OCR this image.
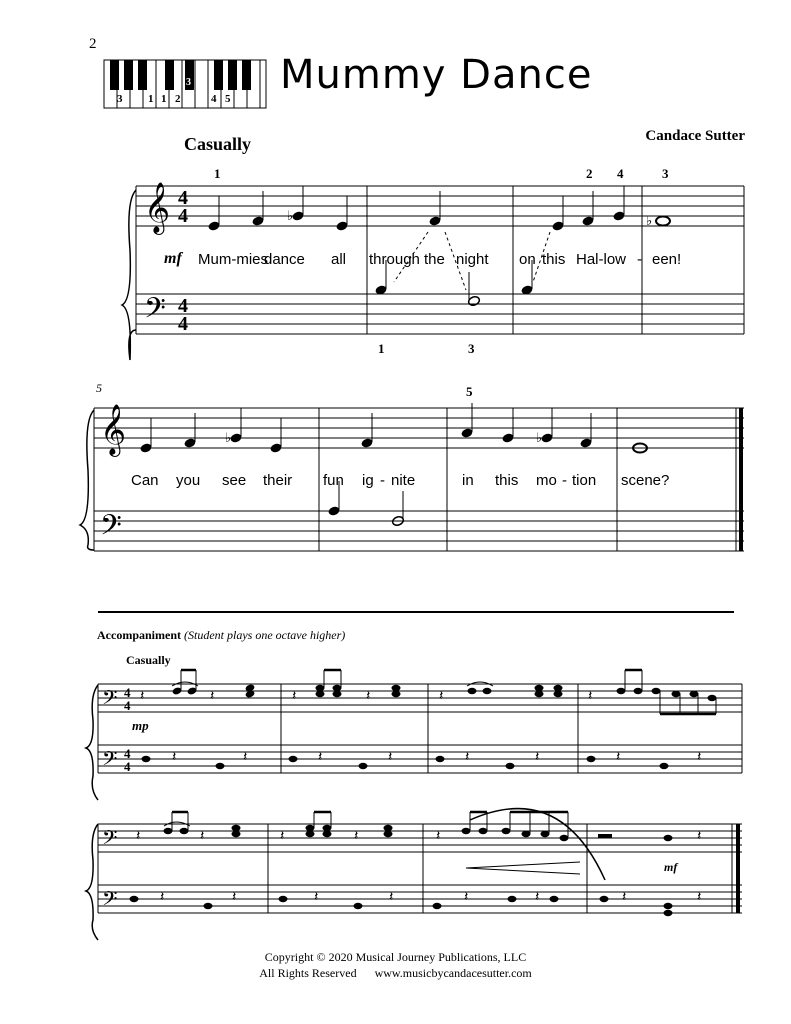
𝄞
𝄢
4
4
4
4
♭	♭
𝄞
𝄢
♭	♭
𝄢
𝄢
4
4
4
4
𝄽	𝄽	𝄽	𝄽	𝄽	𝄽
𝄽	𝄽	𝄽	𝄽	𝄽	𝄽	𝄽	𝄽
𝄢
𝄢
𝄽	𝄽	𝄽	𝄽	𝄽	𝄽
𝄽	𝄽	𝄽	𝄽	𝄽	𝄽	𝄽	𝄽
2
3 1 1 2	4 5
3 Mummy Dance
Casually	Candace Sutter
1	2 4	3
1	3
mf Mum-mies
dance all through the night on this Hal-low - een!
5	5
Can you see their fun ig - nite	in this mo - tion scene?
Accompaniment (Student plays one octave higher)
Casually
mp
mf
Copyright © 2020 Musical Journey Publications, LLC
All Rights Reserved www.musicbycandacesutter.com
